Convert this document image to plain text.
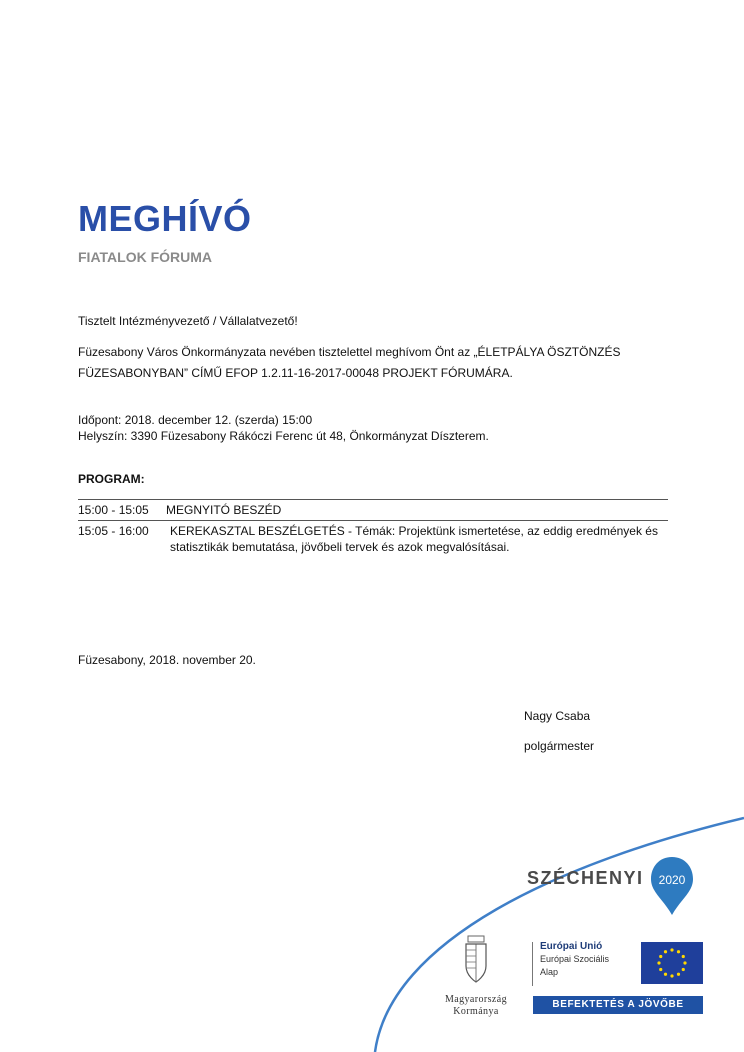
MEGHÍVÓ
FIATALOK FÓRUMA
Tisztelt Intézményvezető / Vállalatvezető!
Füzesabony Város Önkormányzata nevében tisztelettel meghívom Önt az „ÉLETPÁLYA ÖSZTÖNZÉS FÜZESABONYBAN” CÍMŰ EFOP 1.2.11-16-2017-00048 PROJEKT FÓRUMÁRA.
Időpont: 2018. december 12. (szerda) 15:00
Helyszín: 3390 Füzesabony Rákóczi Ferenc út 48, Önkormányzat Díszterem.
PROGRAM:
15:00 - 15:05	MEGNYITÓ BESZÉD
15:05 - 16:00	KEREKASZTAL BESZÉLGETÉS - Témák: Projektünk ismertetése, az eddig eredmények és statisztikák bemutatása, jövőbeli tervek és azok megvalósításai.
Füzesabony, 2018. november 20.
Nagy Csaba
polgármester
SZÉCHENYI 2020
Magyarország
Kormánya
Európai Unió
Európai Szociális
Alap
BEFEKTETÉS A JÖVŐBE
